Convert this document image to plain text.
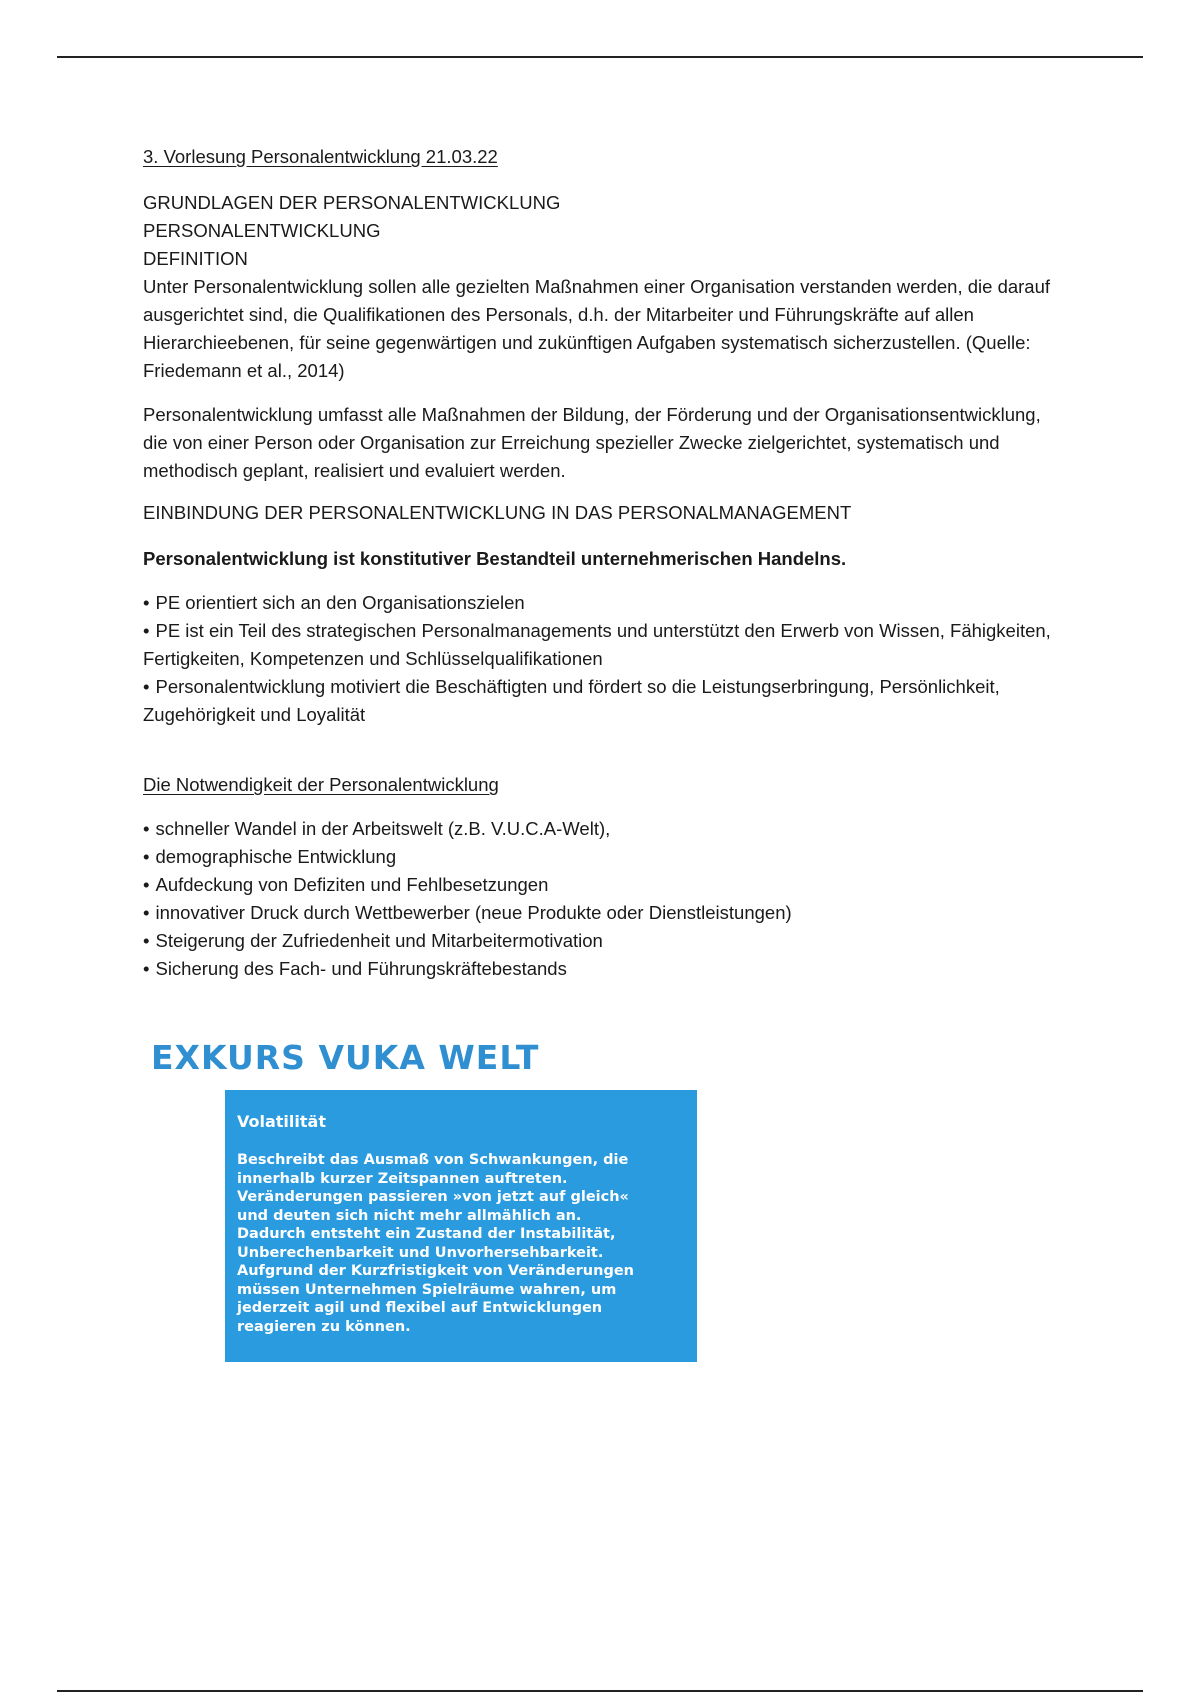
3. Vorlesung Personalentwicklung 21.03.22

GRUNDLAGEN DER PERSONALENTWICKLUNG

PERSONALENTWICKLUNG

DEFINITION

Unter Personalentwicklung sollen alle gezielten Maßnahmen einer Organisation verstanden werden, die darauf ausgerichtet sind, die Qualifikationen des Personals, d.h. der Mitarbeiter und Führungskräfte auf allen Hierarchieebenen, für seine gegenwärtigen und zukünftigen Aufgaben systematisch sicherzustellen. (Quelle: Friedemann et al., 2014)

Personalentwicklung umfasst alle Maßnahmen der Bildung, der Förderung und der Organisationsentwicklung, die von einer Person oder Organisation zur Erreichung spezieller Zwecke zielgerichtet, systematisch und methodisch geplant, realisiert und evaluiert werden.

EINBINDUNG DER PERSONALENTWICKLUNG IN DAS PERSONALMANAGEMENT

Personalentwicklung ist konstitutiver Bestandteil unternehmerischen Handelns.

• PE orientiert sich an den Organisationszielen
• PE ist ein Teil des strategischen Personalmanagements und unterstützt den Erwerb von Wissen, Fähigkeiten, Fertigkeiten, Kompetenzen und Schlüsselqualifikationen
• Personalentwicklung motiviert die Beschäftigten und fördert so die Leistungserbringung, Persönlichkeit, Zugehörigkeit und Loyalität

Die Notwendigkeit der Personalentwicklung

• schneller Wandel in der Arbeitswelt (z.B. V.U.C.A-Welt),
• demographische Entwicklung
• Aufdeckung von Defiziten und Fehlbesetzungen
• innovativer Druck durch Wettbewerber (neue Produkte oder Dienstleistungen)
• Steigerung der Zufriedenheit und Mitarbeitermotivation
• Sicherung des Fach- und Führungskräftebestands
EXKURS VUKA WELT

Volatilität

Beschreibt das Ausmaß von Schwankungen, die
innerhalb kurzer Zeitspannen auftreten.
Veränderungen passieren »von jetzt auf gleich«
und deuten sich nicht mehr allmählich an.
Dadurch entsteht ein Zustand der Instabilität,
Unberechenbarkeit und Unvorhersehbarkeit.
Aufgrund der Kurzfristigkeit von Veränderungen
müssen Unternehmen Spielräume wahren, um
jederzeit agil und flexibel auf Entwicklungen
reagieren zu können.
